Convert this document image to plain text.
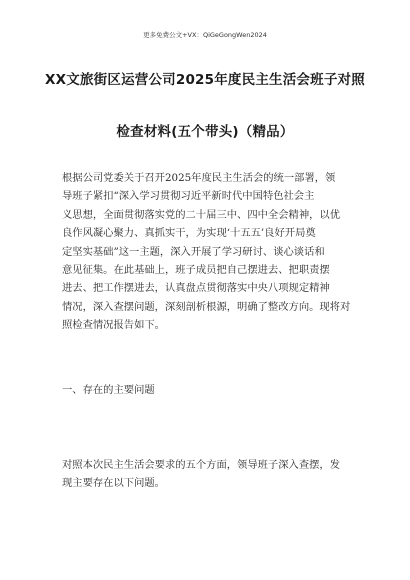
更多免费公文+VX：QiGeGongWen2024
XX文旅街区运营公司2025年度民主生活会班子对照
检查材料(五个带头)（精品）
根据公司党委关于召开2025年度民主生活会的统一部署，领
导班子紧扣“深入学习贯彻习近平新时代中国特色社会主
义思想，全面贯彻落实党的二十届三中、四中全会精神，以优
良作风凝心聚力、真抓实干，为实现‘十五五’良好开局奠
定坚实基础”这一主题，深入开展了学习研讨、谈心谈话和
意见征集。在此基础上，班子成员把自己摆进去、把职责摆
进去、把工作摆进去，认真盘点贯彻落实中央八项规定精神
情况，深入查摆问题，深刻剖析根源，明确了整改方向。现将对
照检查情况报告如下。
一、存在的主要问题
对照本次民主生活会要求的五个方面，领导班子深入查摆，发
现主要存在以下问题。
